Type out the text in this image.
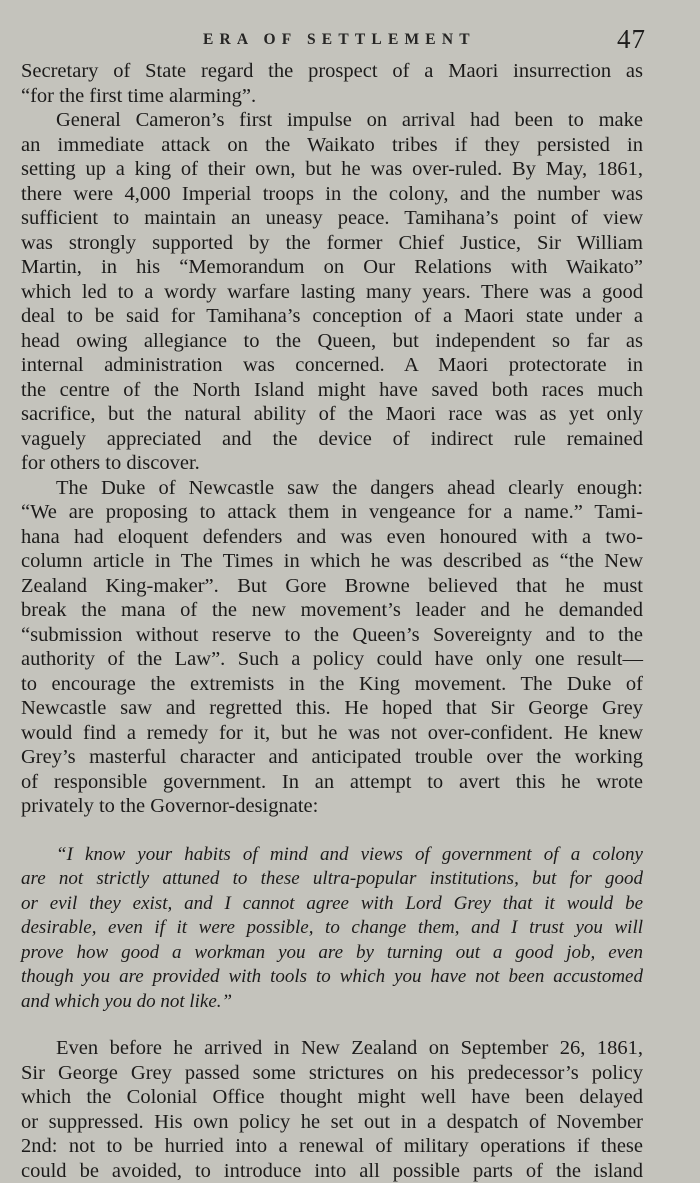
ERA OF SETTLEMENT	47
Secretary of State regard the prospect of a Maori insurrection as
“for the first time alarming”.
General Cameron’s first impulse on arrival had been to make
an immediate attack on the Waikato tribes if they persisted in
setting up a king of their own, but he was over-ruled. By May, 1861,
there were 4,000 Imperial troops in the colony, and the number was
sufficient to maintain an uneasy peace. Tamihana’s point of view
was strongly supported by the former Chief Justice, Sir William
Martin, in his “Memorandum on Our Relations with Waikato”
which led to a wordy warfare lasting many years. There was a good
deal to be said for Tamihana’s conception of a Maori state under a
head owing allegiance to the Queen, but independent so far as
internal administration was concerned. A Maori protectorate in
the centre of the North Island might have saved both races much
sacrifice, but the natural ability of the Maori race was as yet only
vaguely appreciated and the device of indirect rule remained
for others to discover.
The Duke of Newcastle saw the dangers ahead clearly enough:
“We are proposing to attack them in vengeance for a name.” Tami-
hana had eloquent defenders and was even honoured with a two-
column article in The Times in which he was described as “the New
Zealand King-maker”. But Gore Browne believed that he must
break the mana of the new movement’s leader and he demanded
“submission without reserve to the Queen’s Sovereignty and to the
authority of the Law”. Such a policy could have only one result—
to encourage the extremists in the King movement. The Duke of
Newcastle saw and regretted this. He hoped that Sir George Grey
would find a remedy for it, but he was not over-confident. He knew
Grey’s masterful character and anticipated trouble over the working
of responsible government. In an attempt to avert this he wrote
privately to the Governor-designate:
“I know your habits of mind and views of government of a colony
are not strictly attuned to these ultra-popular institutions, but for good
or evil they exist, and I cannot agree with Lord Grey that it would be
desirable, even if it were possible, to change them, and I trust you will
prove how good a workman you are by turning out a good job, even
though you are provided with tools to which you have not been accustomed
and which you do not like.”
Even before he arrived in New Zealand on September 26, 1861,
Sir George Grey passed some strictures on his predecessor’s policy
which the Colonial Office thought might well have been delayed
or suppressed. His own policy he set out in a despatch of November
2nd: not to be hurried into a renewal of military operations if these
could be avoided, to introduce into all possible parts of the island
